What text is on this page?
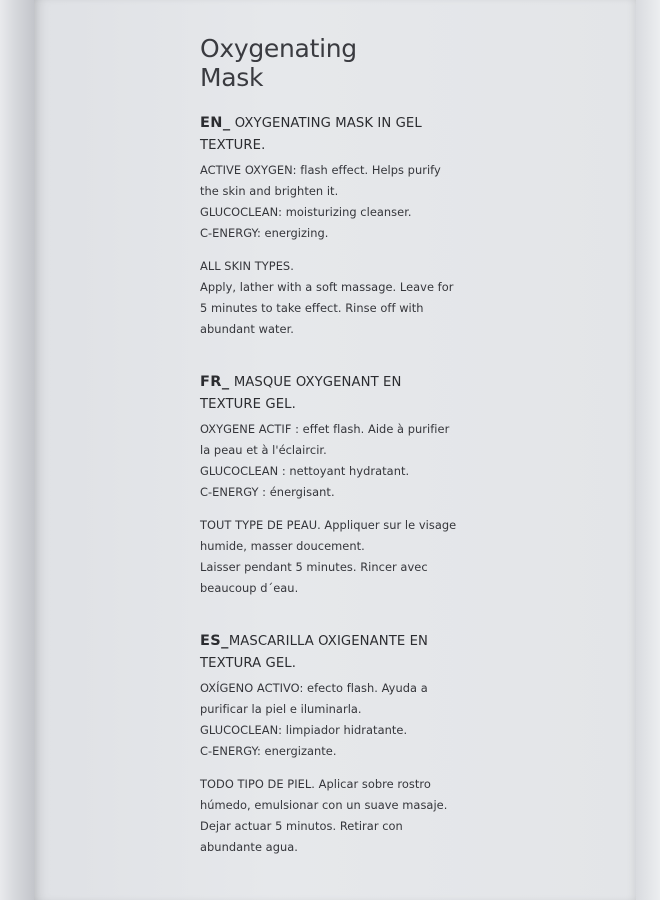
Oxygenating
Mask
EN_ OXYGENATING MASK IN GEL
TEXTURE.
ACTIVE OXYGEN: flash effect. Helps purify
the skin and brighten it.
GLUCOCLEAN: moisturizing cleanser.
C-ENERGY: energizing.
ALL SKIN TYPES.
Apply, lather with a soft massage. Leave for
5 minutes to take effect. Rinse off with
abundant water.
FR_ MASQUE OXYGENANT EN
TEXTURE GEL.
OXYGENE ACTIF : effet flash. Aide à purifier
la peau et à l'éclaircir.
GLUCOCLEAN : nettoyant hydratant.
C-ENERGY : énergisant.
TOUT TYPE DE PEAU. Appliquer sur le visage
humide, masser doucement.
Laisser pendant 5 minutes. Rincer avec
beaucoup d´eau.
ES_MASCARILLA OXIGENANTE EN
TEXTURA GEL.
OXÍGENO ACTIVO: efecto flash. Ayuda a
purificar la piel e iluminarla.
GLUCOCLEAN: limpiador hidratante.
C-ENERGY: energizante.
TODO TIPO DE PIEL. Aplicar sobre rostro
húmedo, emulsionar con un suave masaje.
Dejar actuar 5 minutos. Retirar con
abundante agua.
